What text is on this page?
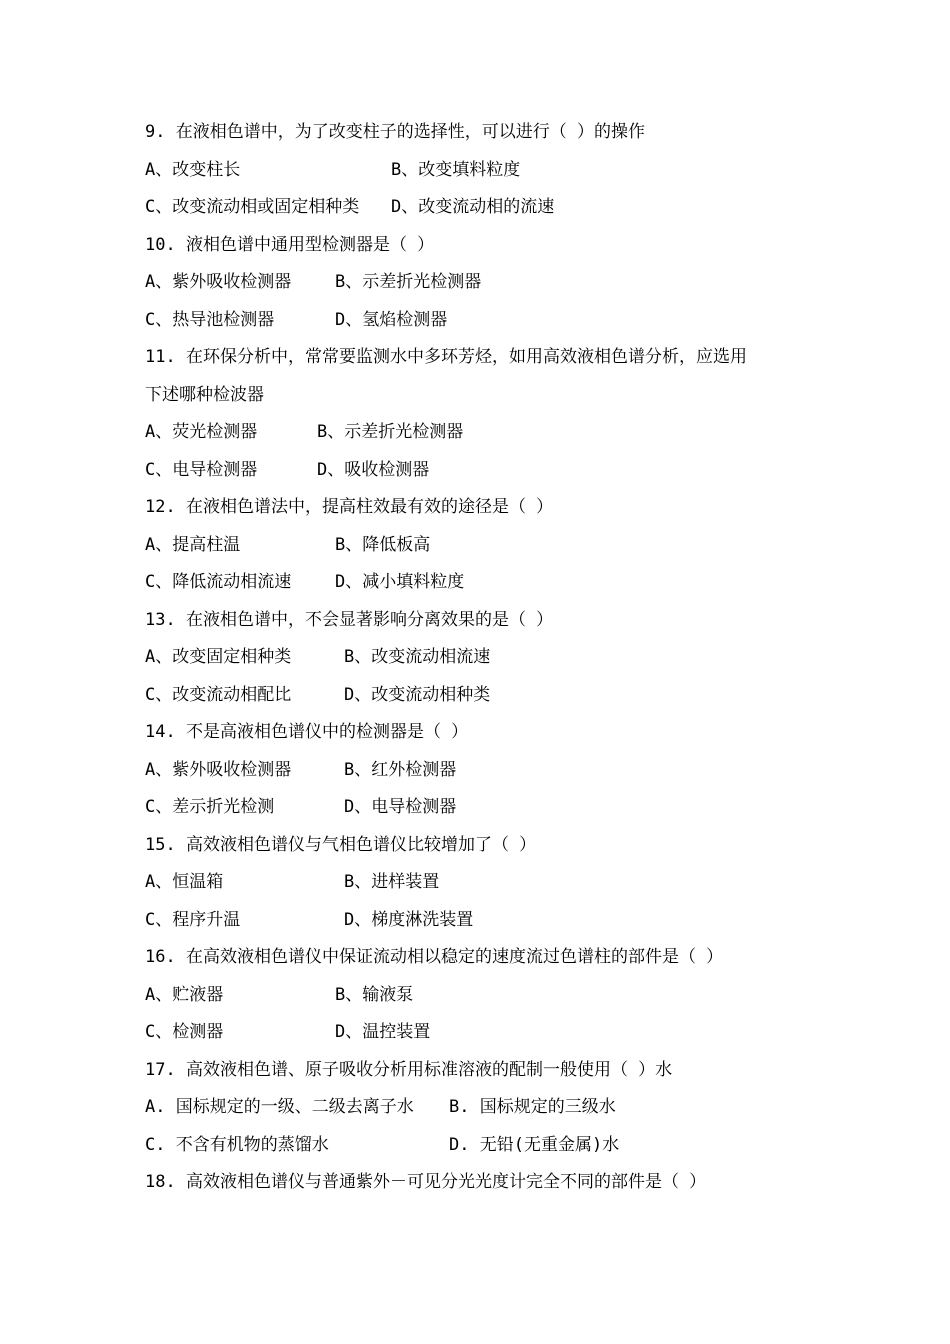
9. 在液相色谱中，为了改变柱子的选择性，可以进行（ ）的操作
A、改变柱长	B、改变填料粒度
C、改变流动相或固定相种类 D、改变流动相的流速
10. 液相色谱中通用型检测器是（ ）
A、紫外吸收检测器	B、示差折光检测器
C、热导池检测器	D、氢焰检测器
11. 在环保分析中，常常要监测水中多环芳烃，如用高效液相色谱分析，应选用
下述哪种检波器
A、荧光检测器	B、示差折光检测器
C、电导检测器	D、吸收检测器
12. 在液相色谱法中，提高柱效最有效的途径是（ ）
A、提高柱温	B、降低板高
C、降低流动相流速	D、减小填料粒度
13. 在液相色谱中，不会显著影响分离效果的是（ ）
A、改变固定相种类	B、改变流动相流速
C、改变流动相配比	D、改变流动相种类
14. 不是高液相色谱仪中的检测器是（ ）
A、紫外吸收检测器	B、红外检测器
C、差示折光检测	D、电导检测器
15. 高效液相色谱仪与气相色谱仪比较增加了（ ）
A、恒温箱	B、进样装置
C、程序升温	D、梯度淋洗装置
16. 在高效液相色谱仪中保证流动相以稳定的速度流过色谱柱的部件是（ ）
A、贮液器	B、输液泵
C、检测器	D、温控装置
17. 高效液相色谱、原子吸收分析用标准溶液的配制一般使用（ ）水
A. 国标规定的一级、二级去离子水 B. 国标规定的三级水
C. 不含有机物的蒸馏水	D. 无铅(无重金属)水
18. 高效液相色谱仪与普通紫外－可见分光光度计完全不同的部件是（ ）
